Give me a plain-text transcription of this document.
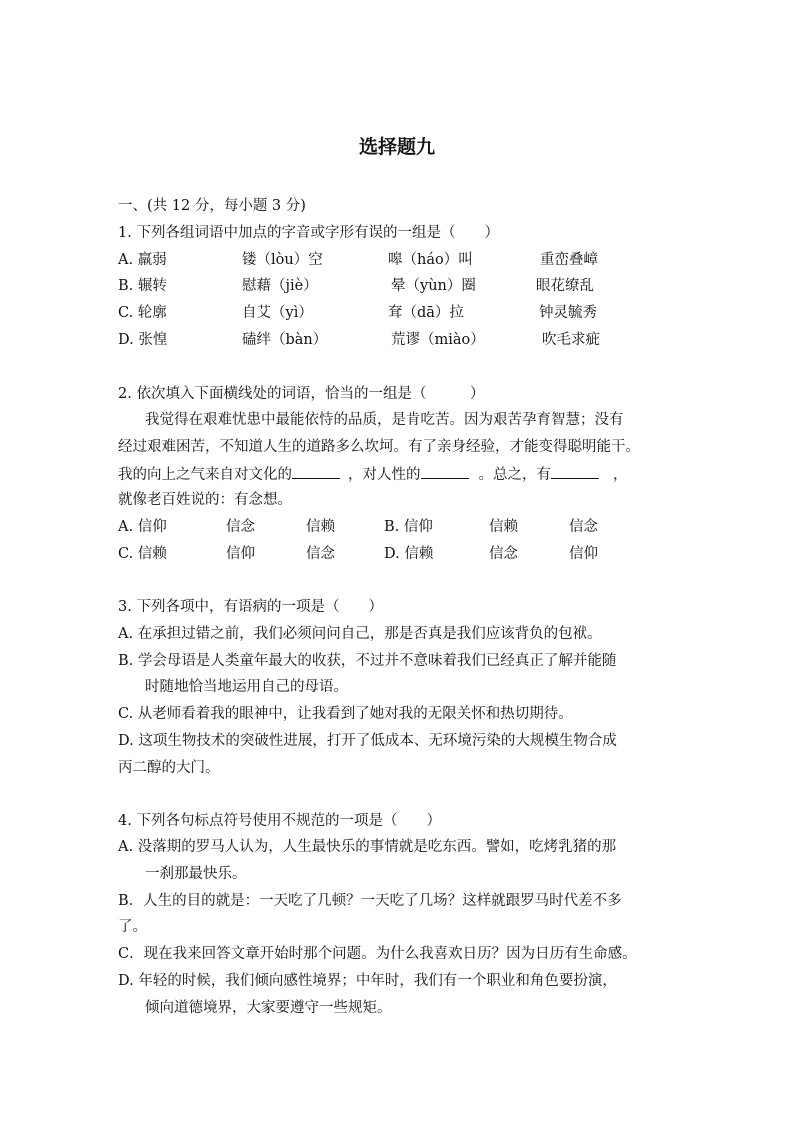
选择题九
一、(共 12 分，每小题 3 分)
1. 下列各组词语中加点的字音或字形有误的一组是（　　）
A. 羸弱	镂（lòu）空	嗥（háo）叫	重峦叠嶂
B. 辗转	慰藉（jiè）	晕（yùn）圈	眼花缭乱
C. 轮廓	自艾（yì）	耷（dā）拉	钟灵毓秀
D. 张惶	磕绊（bàn）	荒谬（miào）	吹毛求疵
2. 依次填入下面横线处的词语，恰当的一组是（　　　）
我觉得在艰难忧患中最能依恃的品质，是肯吃苦。因为艰苦孕育智慧；没有
经过艰难困苦，不知道人生的道路多么坎坷。有了亲身经验，才能变得聪明能干。
我的向上之气来自对文化的	，对人性的	。总之，有	，
就像老百姓说的：有念想。
A. 信仰	信念	信赖	B. 信仰	信赖	信念
C. 信赖	信仰	信念	D. 信赖	信念	信仰
3. 下列各项中，有语病的一项是（　　）
A. 在承担过错之前，我们必须问问自己，那是否真是我们应该背负的包袱。
B. 学会母语是人类童年最大的收获，不过并不意味着我们已经真正了解并能随
时随地恰当地运用自己的母语。
C. 从老师看着我的眼神中，让我看到了她对我的无限关怀和热切期待。
D. 这项生物技术的突破性进展，打开了低成本、无环境污染的大规模生物合成
丙二醇的大门。
4. 下列各句标点符号使用不规范的一项是（　　）
A. 没落期的罗马人认为，人生最快乐的事情就是吃东西。譬如，吃烤乳猪的那
一刹那最快乐。
B．人生的目的就是：一天吃了几顿？一天吃了几场？这样就跟罗马时代差不多
了。
C．现在我来回答文章开始时那个问题。为什么我喜欢日历？因为日历有生命感。
D. 年轻的时候，我们倾向感性境界；中年时，我们有一个职业和角色要扮演，
倾向道德境界，大家要遵守一些规矩。
